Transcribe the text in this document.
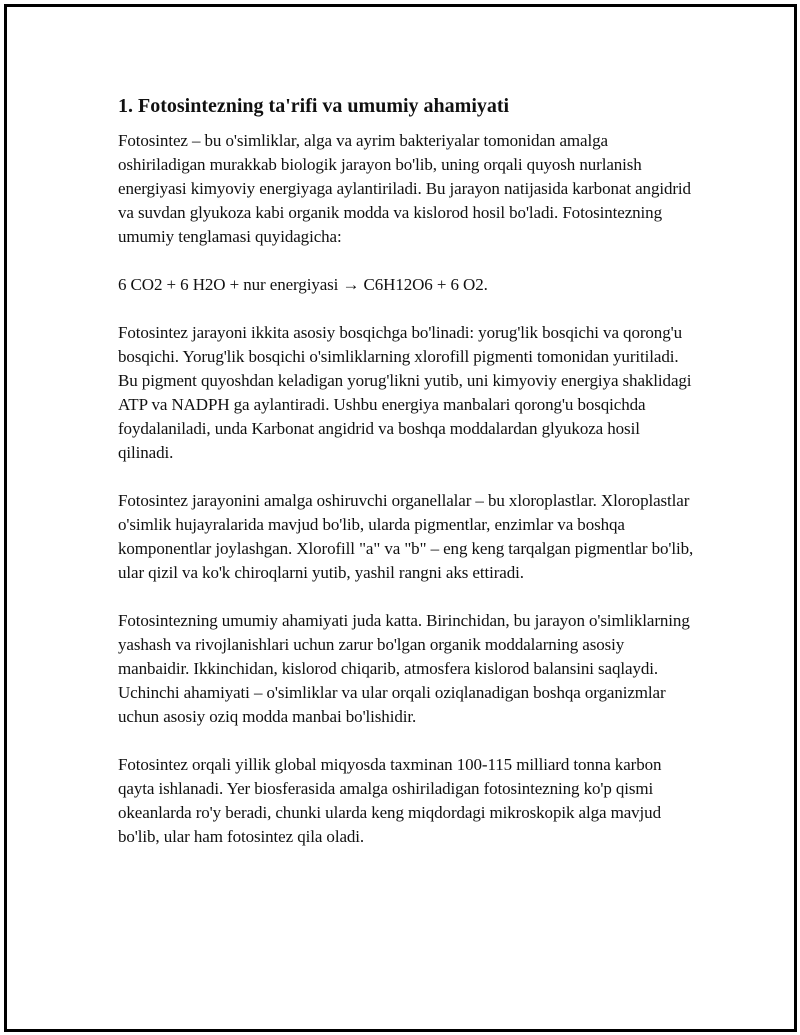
1. Fotosintezning ta'rifi va umumiy ahamiyati

Fotosintez – bu o'simliklar, alga va ayrim bakteriyalar tomonidan amalga oshiriladigan murakkab biologik jarayon bo'lib, uning orqali quyosh nurlanish energiyasi kimyoviy energiyaga aylantiriladi. Bu jarayon natijasida karbonat angidrid va suvdan glyukoza kabi organik modda va kislorod hosil bo'ladi. Fotosintezning umumiy tenglamasi quyidagicha:

6 CO2 + 6 H2O + nur energiyasi → C6H12O6 + 6 O2.

Fotosintez jarayoni ikkita asosiy bosqichga bo'linadi: yorug'lik bosqichi va qorong'u bosqichi. Yorug'lik bosqichi o'simliklarning xlorofill pigmenti tomonidan yuritiladi. Bu pigment quyoshdan keladigan yorug'likni yutib, uni kimyoviy energiya shaklidagi ATP va NADPH ga aylantiradi. Ushbu energiya manbalari qorong'u bosqichda foydalaniladi, unda Karbonat angidrid va boshqa moddalardan glyukoza hosil qilinadi.

Fotosintez jarayonini amalga oshiruvchi organellalar – bu xloroplastlar. Xloroplastlar o'simlik hujayralarida mavjud bo'lib, ularda pigmentlar, enzimlar va boshqa komponentlar joylashgan. Xlorofill "a" va "b" – eng keng tarqalgan pigmentlar bo'lib, ular qizil va ko'k chiroqlarni yutib, yashil rangni aks ettiradi.

Fotosintezning umumiy ahamiyati juda katta. Birinchidan, bu jarayon o'simliklarning yashash va rivojlanishlari uchun zarur bo'lgan organik moddalarning asosiy manbaidir. Ikkinchidan, kislorod chiqarib, atmosfera kislorod balansini saqlaydi. Uchinchi ahamiyati – o'simliklar va ular orqali oziqlanadigan boshqa organizmlar uchun asosiy oziq modda manbai bo'lishidir.

Fotosintez orqali yillik global miqyosda taxminan 100-115 milliard tonna karbon qayta ishlanadi. Yer biosferasida amalga oshiriladigan fotosintezning ko'p qismi okeanlarda ro'y beradi, chunki ularda keng miqdordagi mikroskopik alga mavjud bo'lib, ular ham fotosintez qila oladi.
